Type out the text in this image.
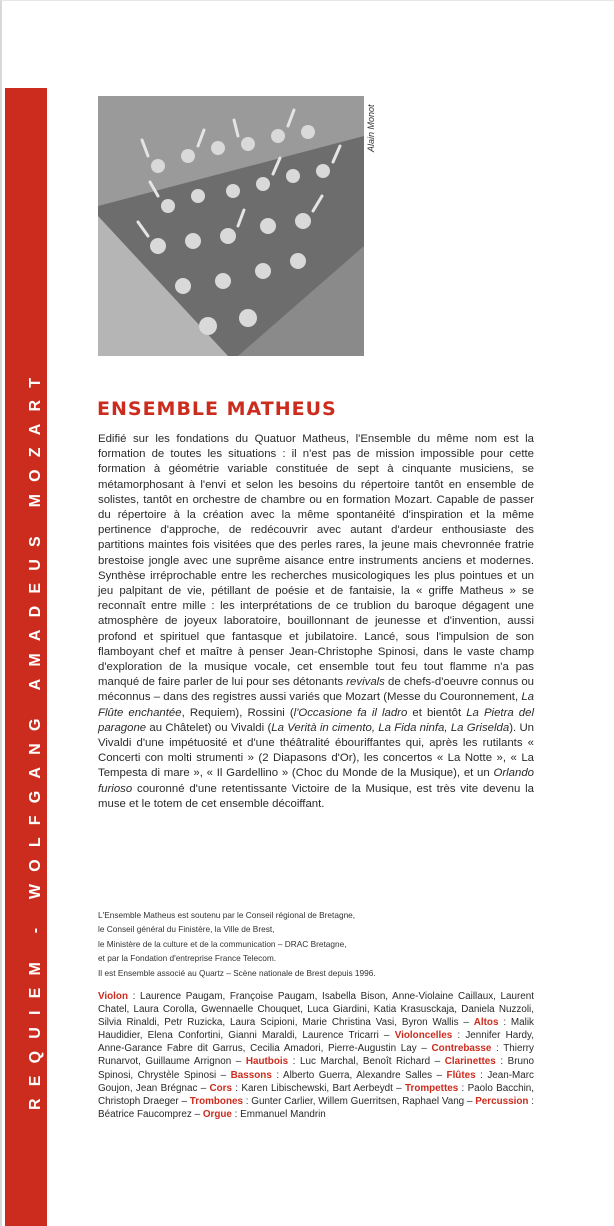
REQUIEM - WOLFGANG AMADEUS MOZART
Alain Monot
ENSEMBLE MATHEUS

Edifié sur les fondations du Quatuor Matheus, l'Ensemble du même nom est la formation de toutes les situations : il n'est pas de mission impossible pour cette formation à géométrie variable constituée de sept à cinquante musiciens, se métamorphosant à l'envi et selon les besoins du répertoire tantôt en ensemble de solistes, tantôt en orchestre de chambre ou en formation Mozart. Capable de passer du répertoire à la création avec la même spontanéité d'inspiration et la même pertinence d'approche, de redécouvrir avec autant d'ardeur enthousiaste des partitions maintes fois visitées que des perles rares, la jeune mais chevronnée fratrie brestoise jongle avec une suprême aisance entre instruments anciens et modernes. Synthèse irréprochable entre les recherches musicologiques les plus pointues et un jeu palpitant de vie, pétillant de poésie et de fantaisie, la « griffe Matheus » se reconnaît entre mille : les interprétations de ce trublion du baroque dégagent une atmosphère de joyeux laboratoire, bouillonnant de jeunesse et d'invention, aussi profond et spirituel que fantasque et jubilatoire. Lancé, sous l'impulsion de son flamboyant chef et maître à penser Jean-Christophe Spinosi, dans le vaste champ d'exploration de la musique vocale, cet ensemble tout feu tout flamme n'a pas manqué de faire parler de lui pour ses détonants revivals de chefs-d'oeuvre connus ou méconnus – dans des registres aussi variés que Mozart (Messe du Couronnement, La Flûte enchantée, Requiem), Rossini (l'Occasione fa il ladro et bientôt La Pietra del paragone au Châtelet) ou Vivaldi (La Verità in cimento, La Fida ninfa, La Griselda). Un Vivaldi d'une impétuosité et d'une théâtralité ébouriffantes qui, après les rutilants « Concerti con molti strumenti » (2 Diapasons d'Or), les concertos « La Notte », « La Tempesta di mare », « Il Gardellino » (Choc du Monde de la Musique), et un Orlando furioso couronné d'une retentissante Victoire de la Musique, est très vite devenu la muse et le totem de cet ensemble décoiffant.

L'Ensemble Matheus est soutenu par le Conseil régional de Bretagne,
le Conseil général du Finistère, la Ville de Brest,
le Ministère de la culture et de la communication – DRAC Bretagne,
et par la Fondation d'entreprise France Telecom.
Il est Ensemble associé au Quartz – Scène nationale de Brest depuis 1996.

Violon : Laurence Paugam, Françoise Paugam, Isabella Bison, Anne-Violaine Caillaux, Laurent Chatel, Laura Corolla, Gwennaelle Chouquet, Luca Giardini, Katia Krasusckaja, Daniela Nuzzoli, Silvia Rinaldi, Petr Ruzicka, Laura Scipioni, Marie Christina Vasi, Byron Wallis – Altos : Malik Haudidier, Elena Confortini, Gianni Maraldi, Laurence Tricarri – Violoncelles : Jennifer Hardy, Anne-Garance Fabre dit Garrus, Cecilia Amadori, Pierre-Augustin Lay – Contrebasse : Thierry Runarvot, Guillaume Arrignon – Hautbois : Luc Marchal, Benoît Richard – Clarinettes : Bruno Spinosi, Chrystèle Spinosi – Bassons : Alberto Guerra, Alexandre Salles – Flûtes : Jean-Marc Goujon, Jean Brégnac – Cors : Karen Libischewski, Bart Aerbeydt – Trompettes : Paolo Bacchin, Christoph Draeger – Trombones : Gunter Carlier, Willem Guerritsen, Raphael Vang – Percussion : Béatrice Faucomprez – Orgue : Emmanuel Mandrin
